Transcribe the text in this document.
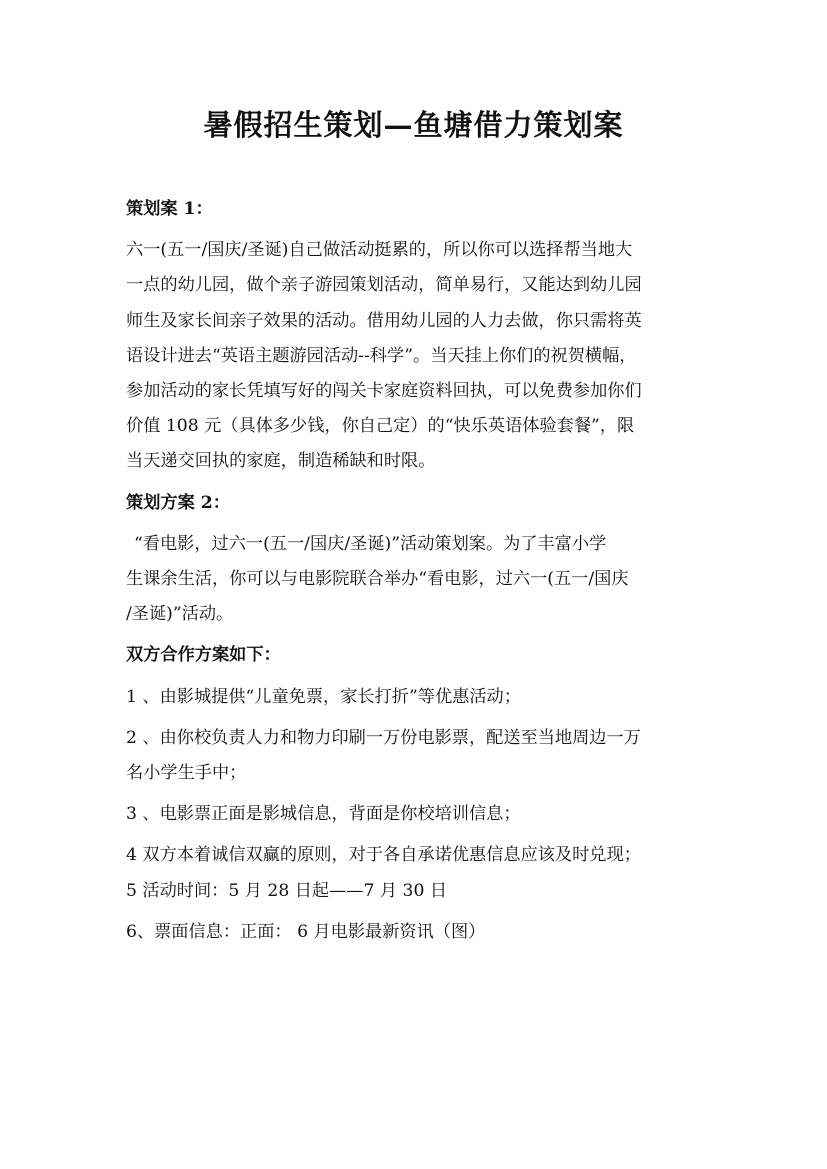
暑假招生策划—鱼塘借力策划案

策划案 1：

六一(五一/国庆/圣诞)自己做活动挺累的，所以你可以选择帮当地大

一点的幼儿园，做个亲子游园策划活动，简单易行，又能达到幼儿园

师生及家长间亲子效果的活动。借用幼儿园的人力去做，你只需将英

语设计进去“英语主题游园活动--科学”。当天挂上你们的祝贺横幅，

参加活动的家长凭填写好的闯关卡家庭资料回执，可以免费参加你们

价值 108 元（具体多少钱，你自己定）的“快乐英语体验套餐”，限

当天递交回执的家庭，制造稀缺和时限。

策划方案 2：

“看电影，过六一(五一/国庆/圣诞)”活动策划案。为了丰富小学

生课余生活，你可以与电影院联合举办“看电影，过六一(五一/国庆

/圣诞)”活动。

双方合作方案如下：

1 、由影城提供“儿童免票，家长打折”等优惠活动；

2 、由你校负责人力和物力印刷一万份电影票，配送至当地周边一万

名小学生手中；

3 、电影票正面是影城信息，背面是你校培训信息；

4 双方本着诚信双赢的原则，对于各自承诺优惠信息应该及时兑现；

5 活动时间：5 月 28 日起——7 月 30 日

6、票面信息：正面： 6 月电影最新资讯（图）
